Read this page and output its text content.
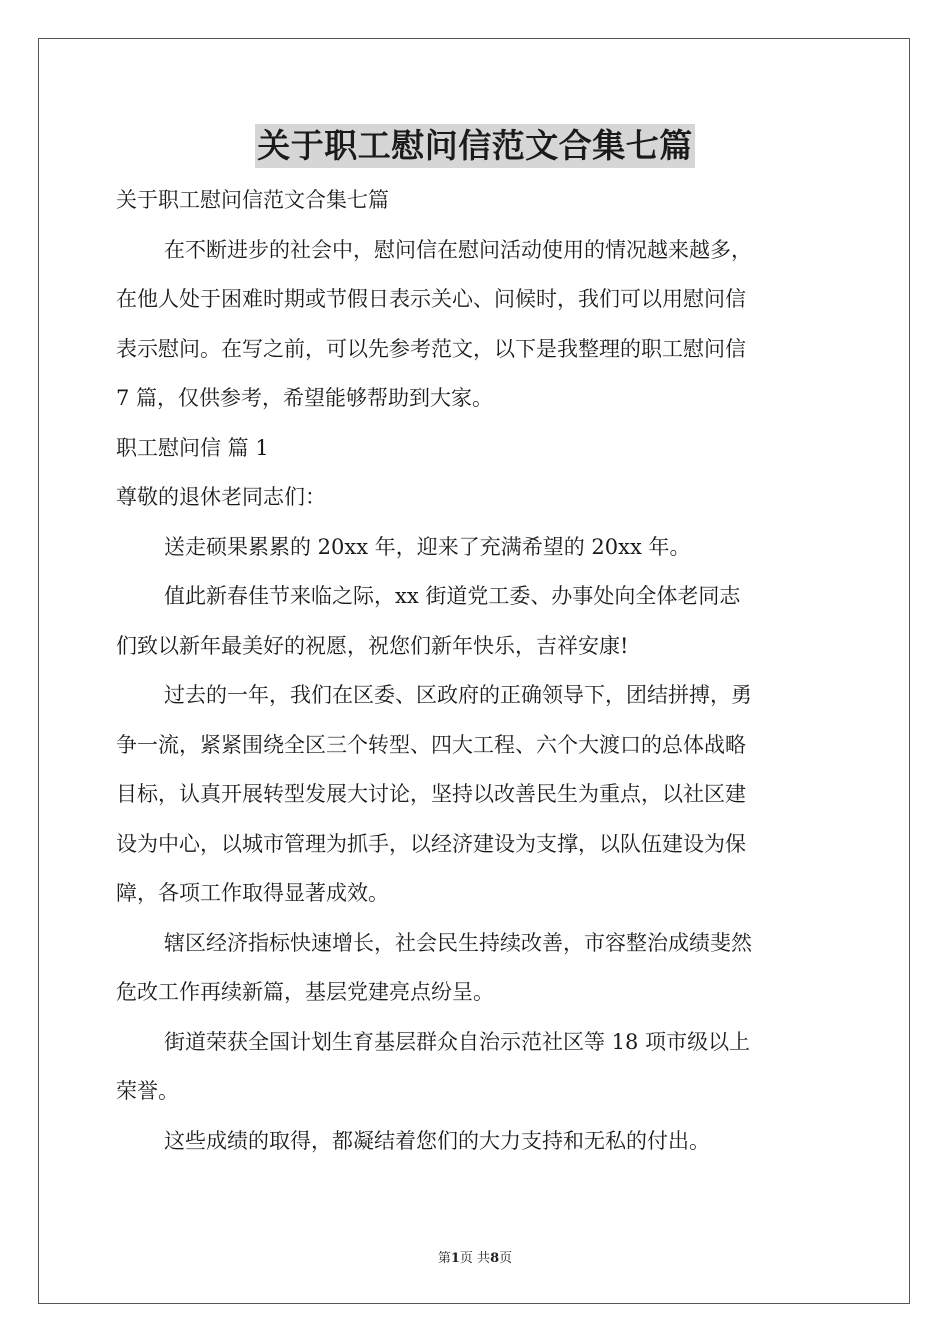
关于职工慰问信范文合集七篇
关于职工慰问信范文合集七篇
在不断进步的社会中，慰问信在慰问活动使用的情况越来越多，
在他人处于困难时期或节假日表示关心、问候时，我们可以用慰问信
表示慰问。在写之前，可以先参考范文，以下是我整理的职工慰问信
7 篇，仅供参考，希望能够帮助到大家。
职工慰问信 篇 1
尊敬的退休老同志们：
送走硕果累累的 20xx 年，迎来了充满希望的 20xx 年。
值此新春佳节来临之际，xx 街道党工委、办事处向全体老同志
们致以新年最美好的祝愿，祝您们新年快乐，吉祥安康!
过去的一年，我们在区委、区政府的正确领导下，团结拼搏，勇
争一流，紧紧围绕全区三个转型、四大工程、六个大渡口的总体战略
目标，认真开展转型发展大讨论，坚持以改善民生为重点，以社区建
设为中心，以城市管理为抓手，以经济建设为支撑，以队伍建设为保
障，各项工作取得显著成效。
辖区经济指标快速增长，社会民生持续改善，市容整治成绩斐然
危改工作再续新篇，基层党建亮点纷呈。
街道荣获全国计划生育基层群众自治示范社区等 18 项市级以上
荣誉。
这些成绩的取得，都凝结着您们的大力支持和无私的付出。
第1页 共8页
